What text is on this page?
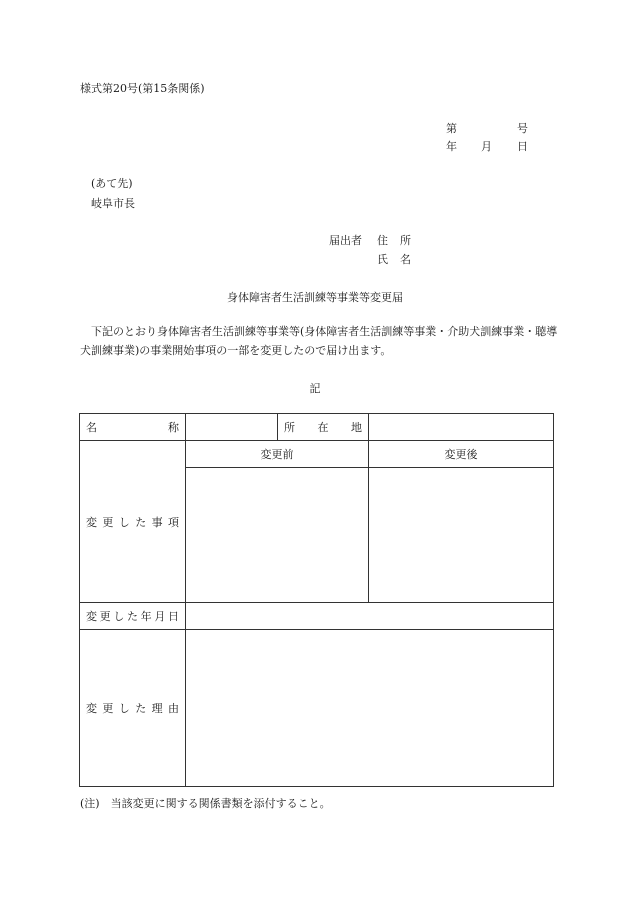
様式第20号(第15条関係)
第	号
年 月 日
(あて先)
岐阜市長
届出者 住所
氏名
身体障害者生活訓練等事業等変更届
下記のとおり身体障害者生活訓練等事業等(身体障害者生活訓練等事業・介助犬訓練事業・聴導犬訓練事業)の事業開始事項の一部を変更したので届け出ます。
記
名称		所在地	
変更した事項	変更前		変更後

変更した年月日			
変更した理由			
(注)　当該変更に関する関係書類を添付すること。
